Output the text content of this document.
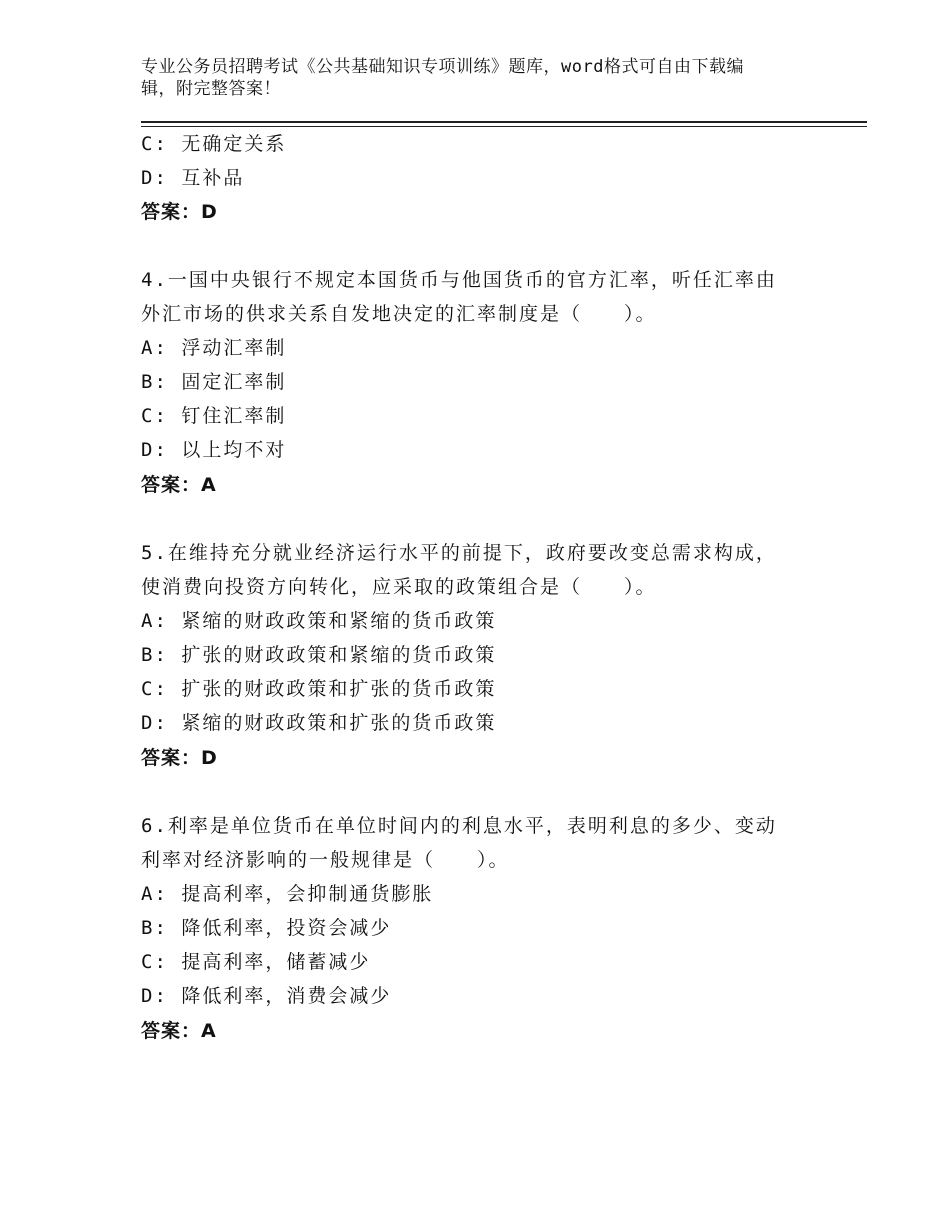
专业公务员招聘考试《公共基础知识专项训练》题库，word格式可自由下载编
辑，附完整答案！
C: 无确定关系
D: 互补品
答案：D
4.一国中央银行不规定本国货币与他国货币的官方汇率，听任汇率由
外汇市场的供求关系自发地决定的汇率制度是（　　）。
A: 浮动汇率制
B: 固定汇率制
C: 钉住汇率制
D: 以上均不对
答案：A
5.在维持充分就业经济运行水平的前提下，政府要改变总需求构成，
使消费向投资方向转化，应采取的政策组合是（　　）。
A: 紧缩的财政政策和紧缩的货币政策
B: 扩张的财政政策和紧缩的货币政策
C: 扩张的财政政策和扩张的货币政策
D: 紧缩的财政政策和扩张的货币政策
答案：D
6.利率是单位货币在单位时间内的利息水平，表明利息的多少、变动
利率对经济影响的一般规律是（　　）。
A: 提高利率，会抑制通货膨胀
B: 降低利率，投资会减少
C: 提高利率，储蓄减少
D: 降低利率，消费会减少
答案：A
